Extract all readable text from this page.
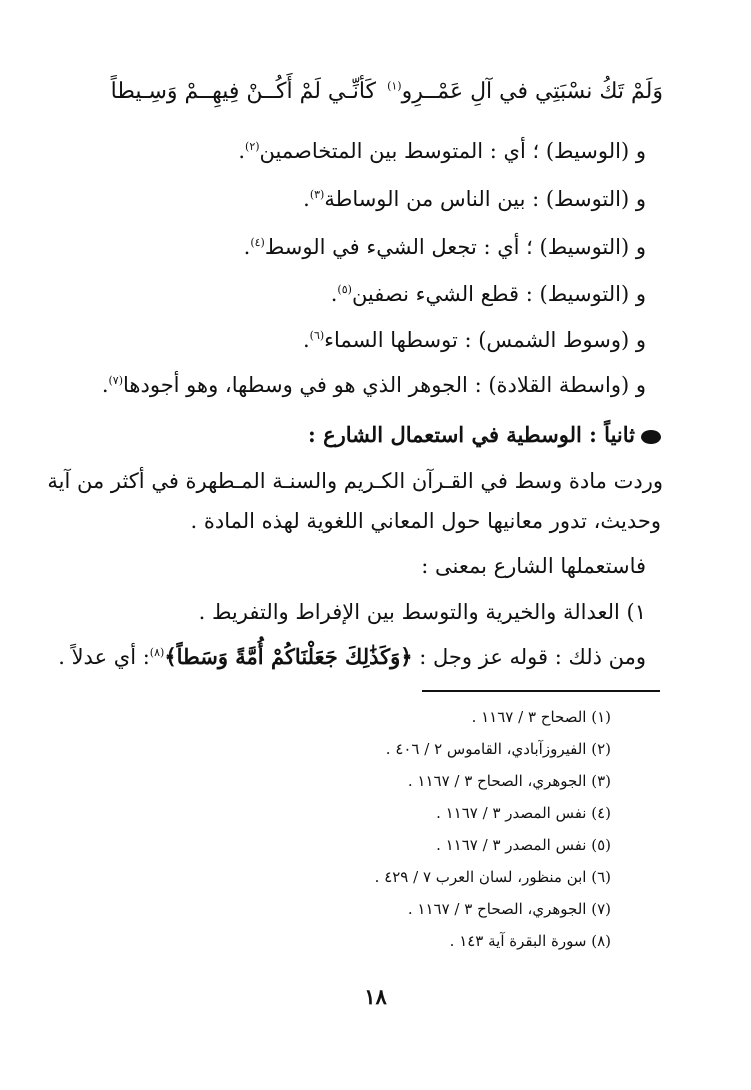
كَأنِّـي لَمْ أَكُــنْ فِيهِــمْ وَسِـيطاً	وَلَمْ تَكُ نسْبَتِي في آلِ عَمْــرِو$^{(١)}$
و (الوسيط) ؛ أي : المتوسط بين المتخاصمين$^{(٢)}$.
و (التوسط) : بين الناس من الوساطة$^{(٣)}$.
و (التوسيط) ؛ أي : تجعل الشيء في الوسط$^{(٤)}$.
و (التوسيط) : قطع الشيء نصفين$^{(٥)}$.
و (وسوط الشمس) : توسطها السماء$^{(٦)}$.
و (واسطة القلادة) : الجوهر الذي هو في وسطها، وهو أجودها$^{(٧)}$.
ثانياً : الوسطية في استعمال الشارع :
وردت مادة وسط في القـرآن الكـريم والسنـة المـطهرة في أكثر من آية
وحديث، تدور معانيها حول المعاني اللغوية لهذه المادة .
فاستعملها الشارع بمعنى :
١) العدالة والخيرية والتوسط بين الإفراط والتفريط .
ومن ذلك : قوله عز وجل : ﴿وَكَذَٰلِكَ جَعَلْنَاكُمْ أُمَّةً وَسَطاً﴾$^{(٨)}$: أي عدلاً .
(١) الصحاح ٣ / ١١٦٧ .
(٢) الفيروزآبادي، القاموس ٢ / ٤٠٦ .
(٣) الجوهري، الصحاح ٣ / ١١٦٧ .
(٤) نفس المصدر ٣ / ١١٦٧ .
(٥) نفس المصدر ٣ / ١١٦٧ .
(٦) ابن منظور، لسان العرب ٧ / ٤٢٩ .
(٧) الجوهري، الصحاح ٣ / ١١٦٧ .
(٨) سورة البقرة آية ١٤٣ .
١٨
